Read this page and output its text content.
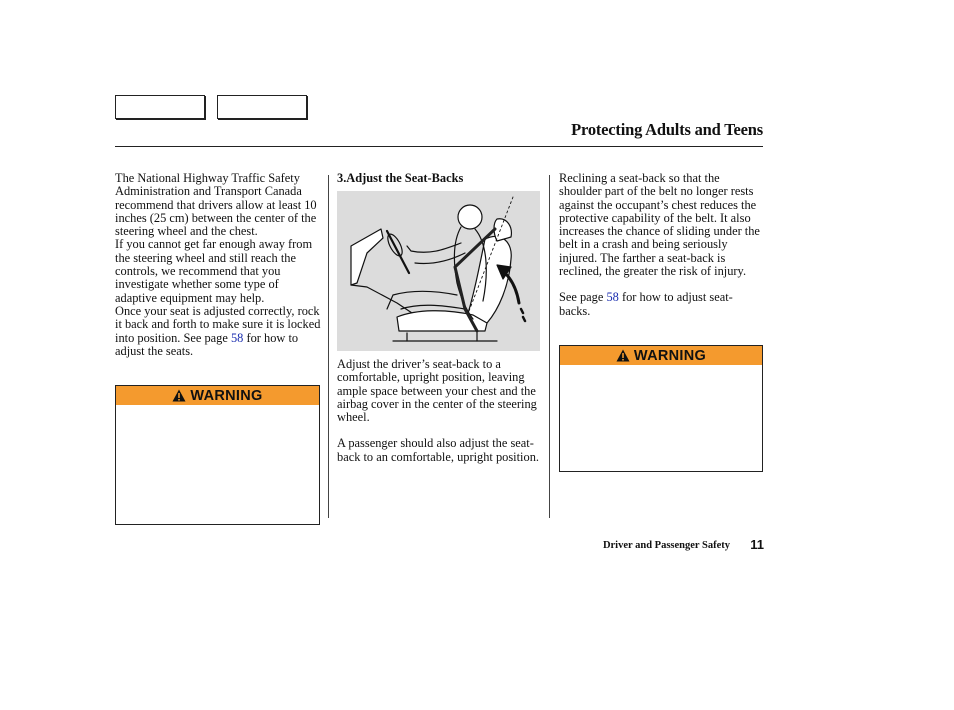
Protecting Adults and Teens

The National Highway Traffic Safety Administration and Transport Canada recommend that drivers allow at least 10 inches (25 cm) between the center of the steering wheel and the chest.

If you cannot get far enough away from the steering wheel and still reach the controls, we recommend that you investigate whether some type of adaptive equipment may help.

Once your seat is adjusted correctly, rock it back and forth to make sure it is locked into position. See page 58 for how to adjust the seats.

WARNING

3.Adjust the Seat-Backs

Adjust the driver’s seat-back to a comfortable, upright position, leaving ample space between your chest and the airbag cover in the center of the steering wheel.

A passenger should also adjust the seat-back to an comfortable, upright position.

Reclining a seat-back so that the shoulder part of the belt no longer rests against the occupant’s chest reduces the protective capability of the belt. It also increases the chance of sliding under the belt in a crash and being seriously injured. The farther a seat-back is reclined, the greater the risk of injury.

See page 58 for how to adjust seat-backs.

WARNING
Driver and Passenger Safety	11
